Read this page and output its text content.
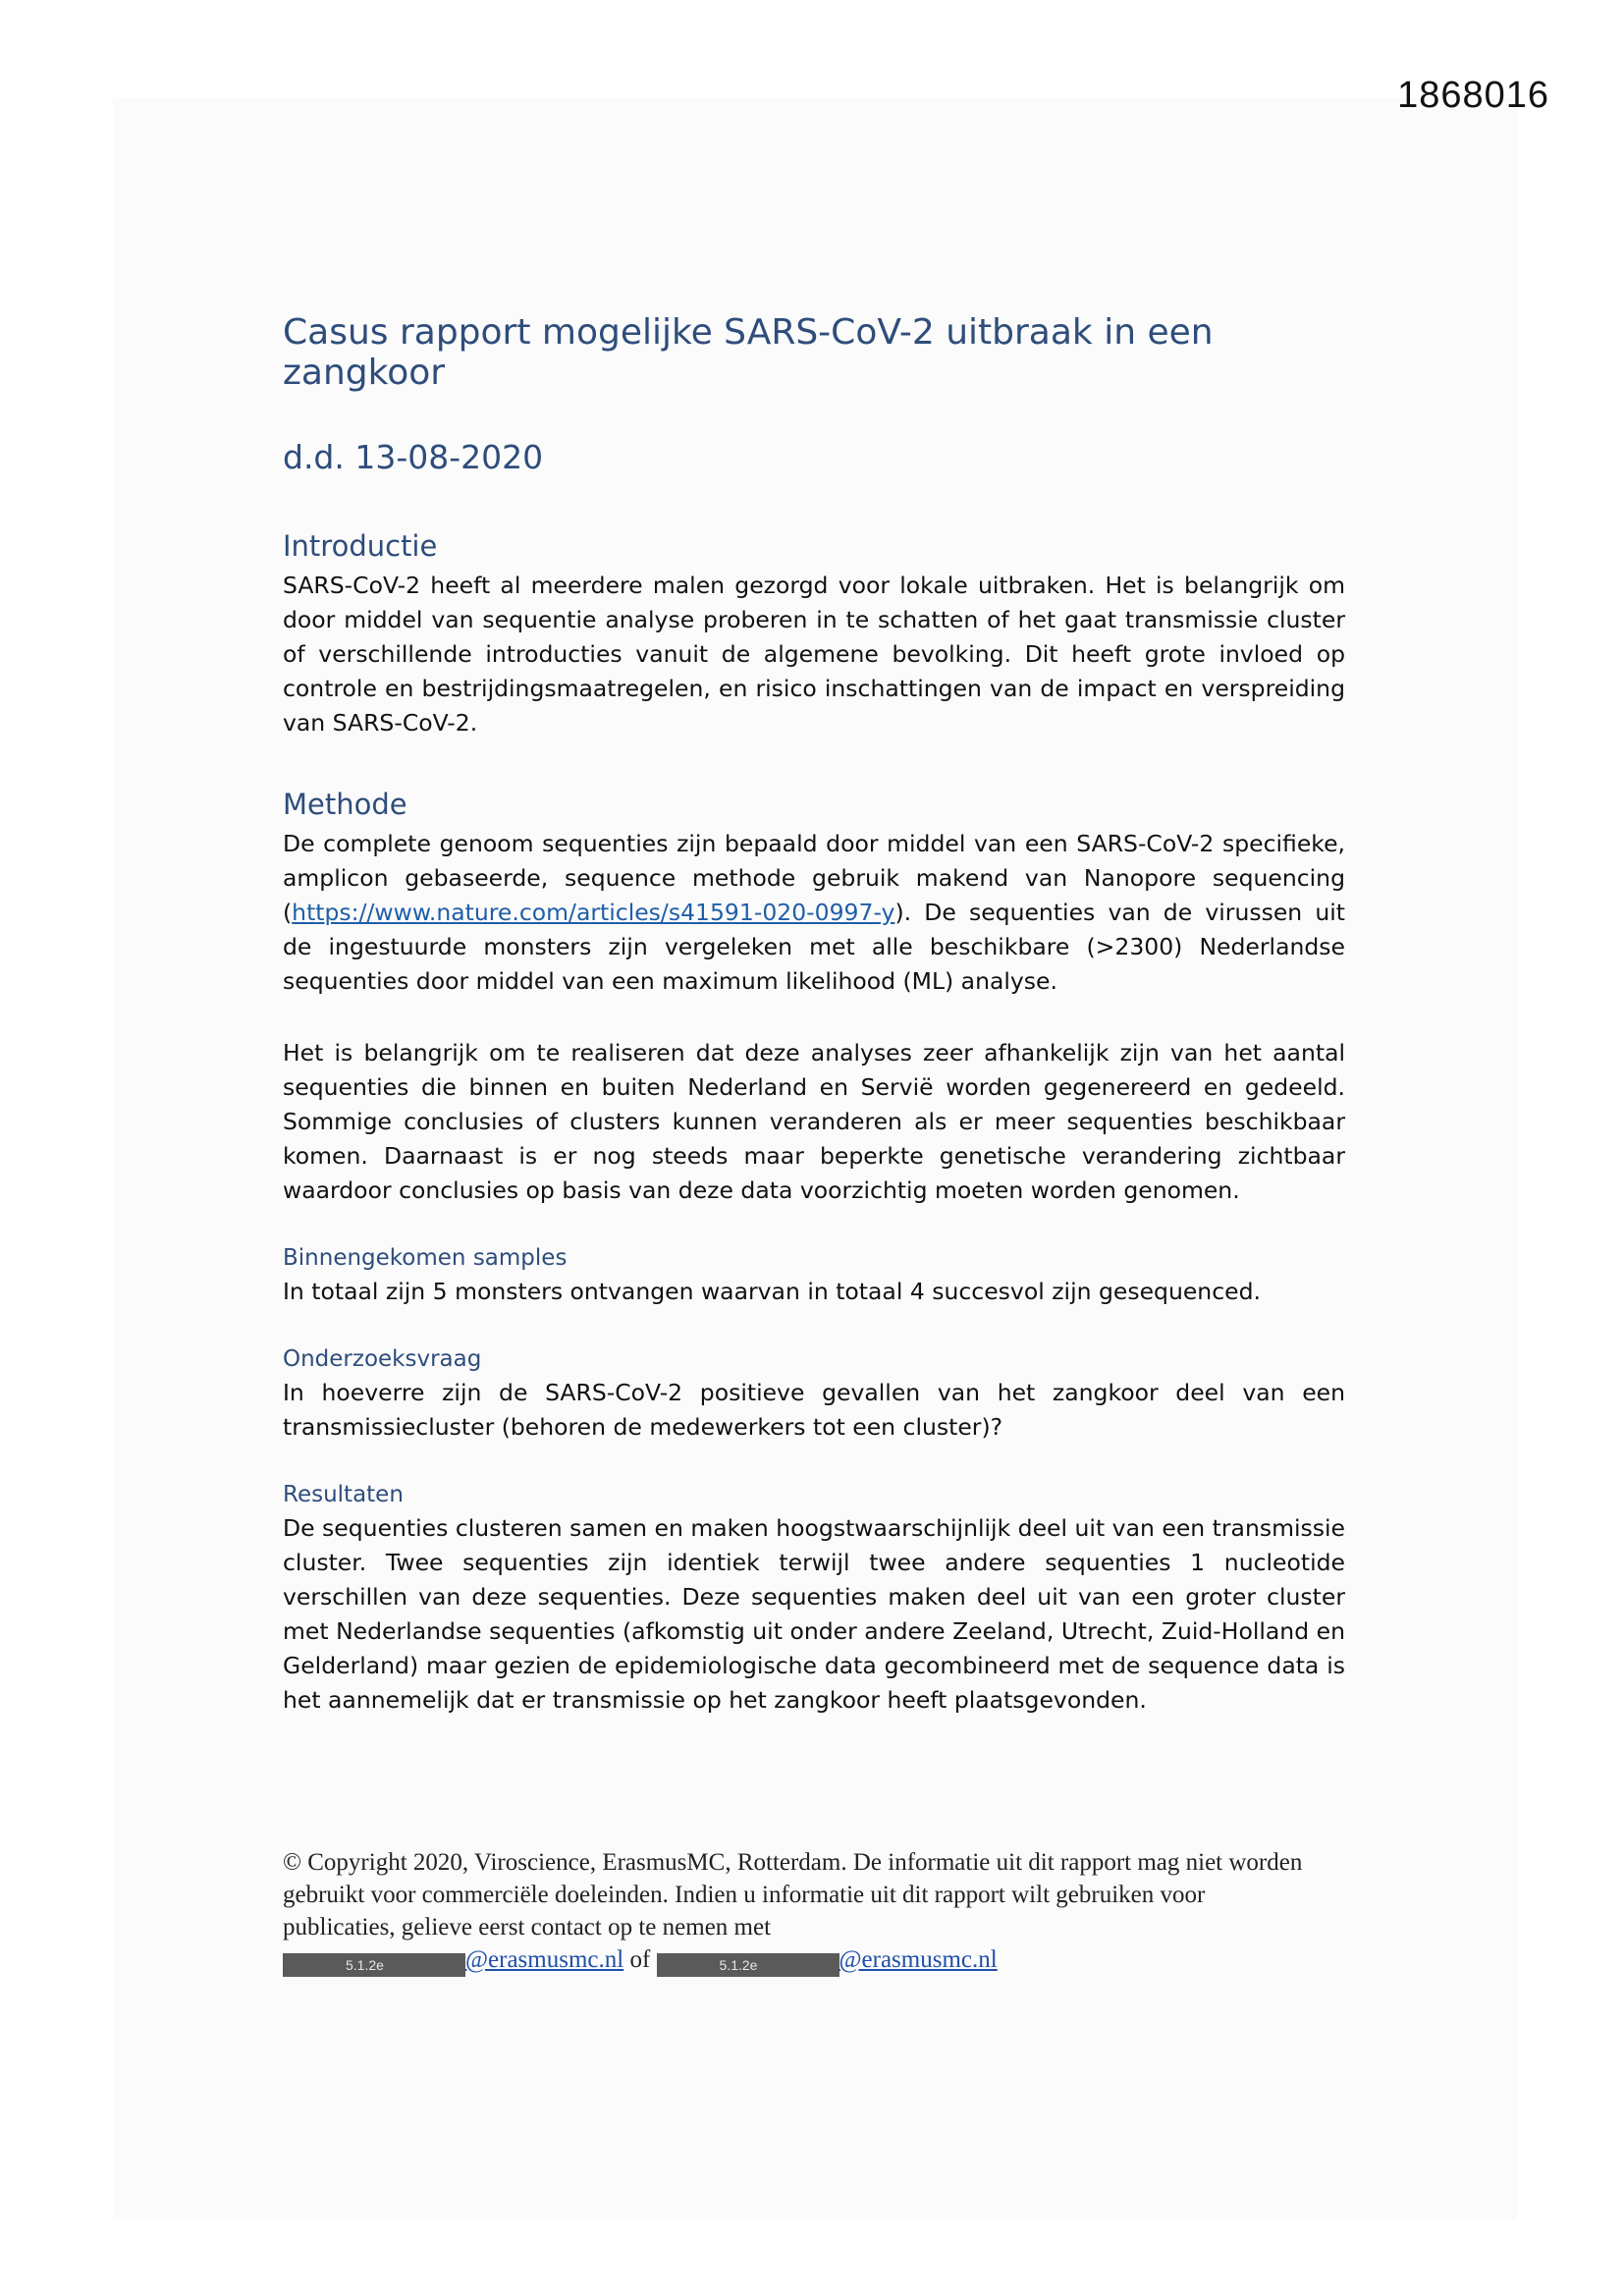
1868016
Casus rapport mogelijke SARS-CoV-2 uitbraak in een zangkoor
d.d. 13-08-2020
Introductie

SARS-CoV-2 heeft al meerdere malen gezorgd voor lokale uitbraken. Het is belangrijk om door middel van sequentie analyse proberen in te schatten of het gaat transmissie cluster of verschillende introducties vanuit de algemene bevolking. Dit heeft grote invloed op controle en bestrijdingsmaatregelen, en risico inschattingen van de impact en verspreiding van SARS-CoV-2.

Methode

De complete genoom sequenties zijn bepaald door middel van een SARS-CoV-2 specifieke, amplicon gebaseerde, sequence methode gebruik makend van Nanopore sequencing (https://www.nature.com/articles/s41591-020-0997-y). De sequenties van de virussen uit de ingestuurde monsters zijn vergeleken met alle beschikbare (>2300) Nederlandse sequenties door middel van een maximum likelihood (ML) analyse.

Het is belangrijk om te realiseren dat deze analyses zeer afhankelijk zijn van het aantal sequenties die binnen en buiten Nederland en Servië worden gegenereerd en gedeeld. Sommige conclusies of clusters kunnen veranderen als er meer sequenties beschikbaar komen. Daarnaast is er nog steeds maar beperkte genetische verandering zichtbaar waardoor conclusies op basis van deze data voorzichtig moeten worden genomen.

Binnengekomen samples

In totaal zijn 5 monsters ontvangen waarvan in totaal 4 succesvol zijn gesequenced.

Onderzoeksvraag

In hoeverre zijn de SARS-CoV-2 positieve gevallen van het zangkoor deel van een transmissiecluster (behoren de medewerkers tot een cluster)?

Resultaten

De sequenties clusteren samen en maken hoogstwaarschijnlijk deel uit van een transmissie cluster. Twee sequenties zijn identiek terwijl twee andere sequenties 1 nucleotide verschillen van deze sequenties. Deze sequenties maken deel uit van een groter cluster met Nederlandse sequenties (afkomstig uit onder andere Zeeland, Utrecht, Zuid-Holland en Gelderland) maar gezien de epidemiologische data gecombineerd met de sequence data is het aannemelijk dat er transmissie op het zangkoor heeft plaatsgevonden.

© Copyright 2020, Viroscience, ErasmusMC, Rotterdam. De informatie uit dit rapport mag niet worden gebruikt voor commerciële doeleinden. Indien u informatie uit dit rapport wilt gebruiken voor publicaties, gelieve eerst contact op te nemen met
5.1.2e	@erasmusmc.nl of	5.1.2e	@erasmusmc.nl
